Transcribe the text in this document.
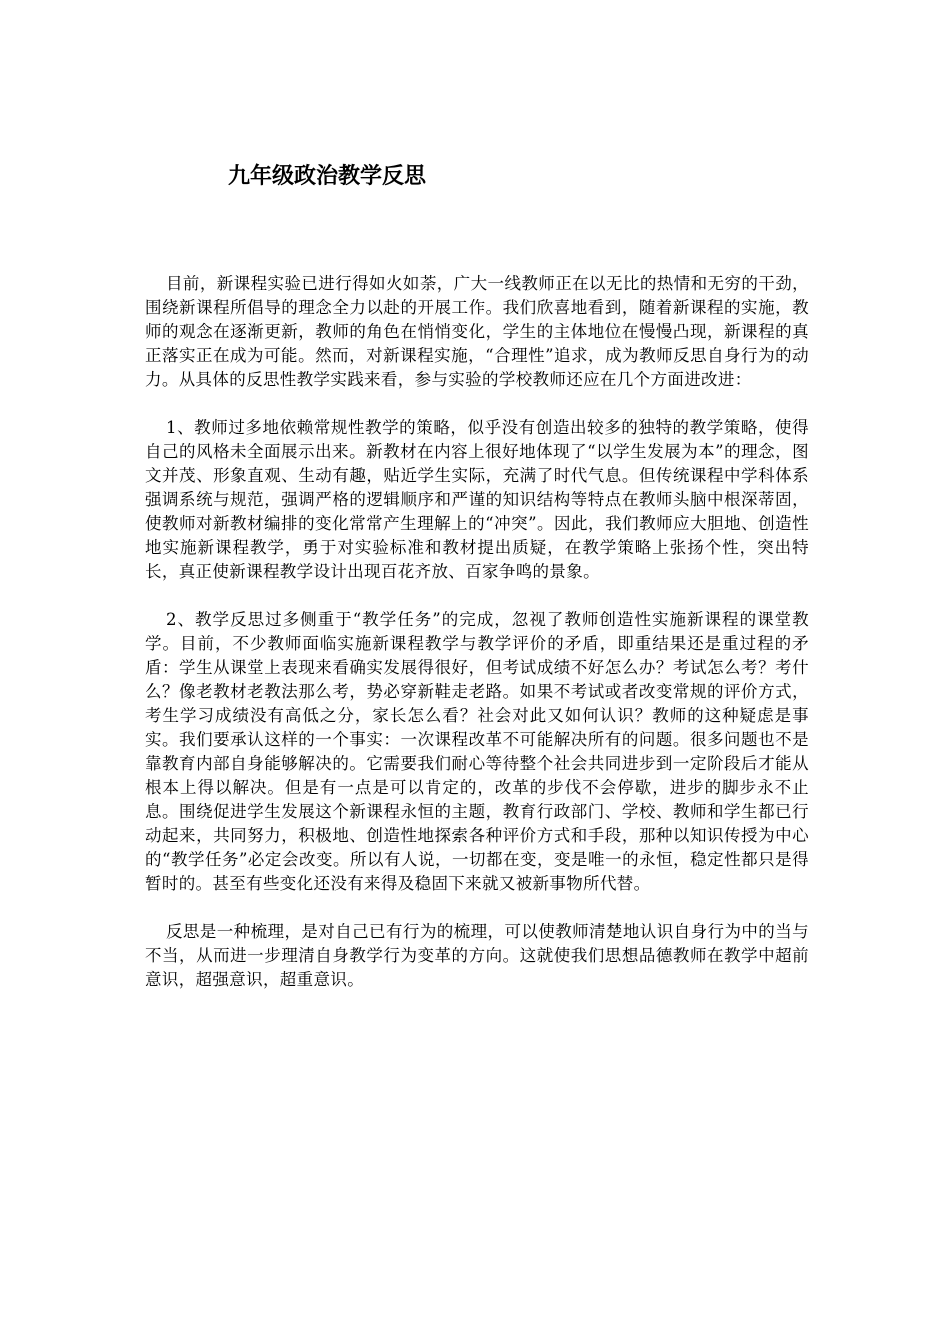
九年级政治教学反思

目前，新课程实验已进行得如火如荼，广大一线教师正在以无比的热情和无穷的干劲，围绕新课程所倡导的理念全力以赴的开展工作。我们欣喜地看到，随着新课程的实施，教师的观念在逐渐更新，教师的角色在悄悄变化，学生的主体地位在慢慢凸现，新课程的真正落实正在成为可能。然而，对新课程实施，“合理性”追求，成为教师反思自身行为的动力。从具体的反思性教学实践来看，参与实验的学校教师还应在几个方面进改进：

1、教师过多地依赖常规性教学的策略，似乎没有创造出较多的独特的教学策略，使得自己的风格未全面展示出来。新教材在内容上很好地体现了“以学生发展为本”的理念，图文并茂、形象直观、生动有趣，贴近学生实际，充满了时代气息。但传统课程中学科体系强调系统与规范，强调严格的逻辑顺序和严谨的知识结构等特点在教师头脑中根深蒂固，使教师对新教材编排的变化常常产生理解上的“冲突”。因此，我们教师应大胆地、创造性地实施新课程教学，勇于对实验标准和教材提出质疑，在教学策略上张扬个性，突出特长，真正使新课程教学设计出现百花齐放、百家争鸣的景象。

2、教学反思过多侧重于“教学任务”的完成，忽视了教师创造性实施新课程的课堂教学。目前，不少教师面临实施新课程教学与教学评价的矛盾，即重结果还是重过程的矛盾：学生从课堂上表现来看确实发展得很好，但考试成绩不好怎么办？考试怎么考？考什么？像老教材老教法那么考，势必穿新鞋走老路。如果不考试或者改变常规的评价方式，考生学习成绩没有高低之分，家长怎么看？社会对此又如何认识？教师的这种疑虑是事实。我们要承认这样的一个事实：一次课程改革不可能解决所有的问题。很多问题也不是靠教育内部自身能够解决的。它需要我们耐心等待整个社会共同进步到一定阶段后才能从根本上得以解决。但是有一点是可以肯定的，改革的步伐不会停歇，进步的脚步永不止息。围绕促进学生发展这个新课程永恒的主题，教育行政部门、学校、教师和学生都已行动起来，共同努力，积极地、创造性地探索各种评价方式和手段，那种以知识传授为中心的“教学任务”必定会改变。所以有人说，一切都在变，变是唯一的永恒，稳定性都只是得暂时的。甚至有些变化还没有来得及稳固下来就又被新事物所代替。

反思是一种梳理，是对自己已有行为的梳理，可以使教师清楚地认识自身行为中的当与不当，从而进一步理清自身教学行为变革的方向。这就使我们思想品德教师在教学中超前意识，超强意识，超重意识。
